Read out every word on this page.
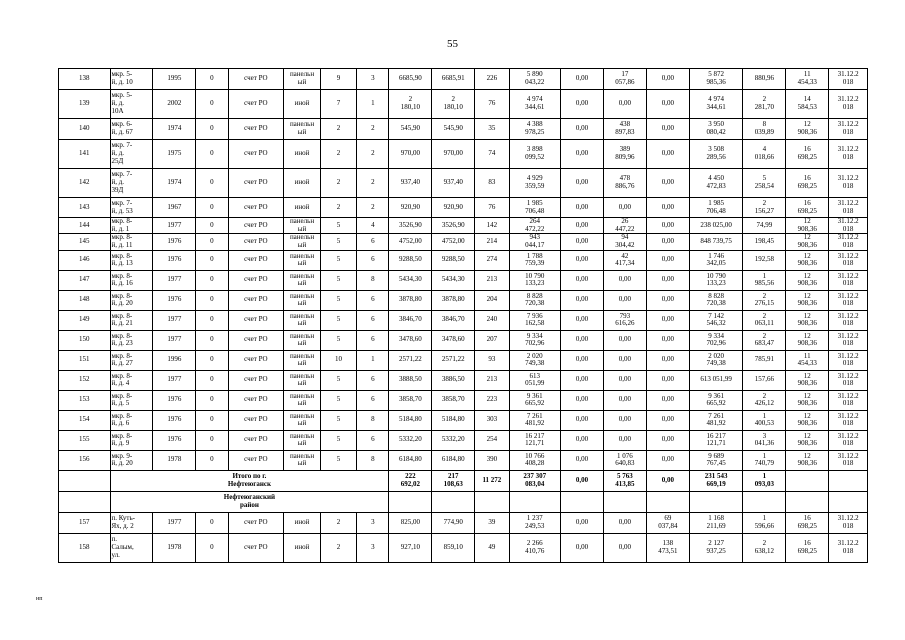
55
138	мкр. 5-
й, д. 10	1995	0	счет РО	панельн
ый	9	3	6685,90	6685,91	226	5 890
043,22	0,00	17
057,86	0,00	5 872
985,36	880,96	11
454,33	31.12.2
018

139	мкр. 5-
й, д.
10А	2002	0	счет РО	иной	7	1	2
180,10	2
180,10	76	4 974
344,61	0,00	0,00	0,00	4 974
344,61	2
281,70	14
584,53	31.12.2
018

140	мкр. 6-
й, д. 67	1974	0	счет РО	панельн
ый	2	2	545,90	545,90	35	4 388
978,25	0,00	438
897,83	0,00	3 950
080,42	8
039,89	12
908,36	31.12.2
018

141	мкр. 7-
й, д.
25Д	1975	0	счет РО	иной	2	2	970,00	970,00	74	3 898
099,52	0,00	389
809,96	0,00	3 508
289,56	4
018,66	16
698,25	31.12.2
018

142	мкр. 7-
й, д.
39Д	1974	0	счет РО	иной	2	2	937,40	937,40	83	4 929
359,59	0,00	478
886,76	0,00	4 450
472,83	5
258,54	16
698,25	31.12.2
018

143	мкр. 7-
й, д. 53	1967	0	счет РО	иной	2	2	920,90	920,90	76	1 985
706,48	0,00	0,00	0,00	1 985
706,48	2
156,27	16
698,25	31.12.2
018

144	мкр. 8-
й, д. 1	1977	0	счет РО	панельн
ый	5	4	3526,90	3526,90	142	264
472,22	0,00	26
447,22	0,00	238 025,00	74,99	12
908,36	31.12.2
018

145	мкр. 8-
й, д. 11	1976	0	счет РО	панельн
ый	5	6	4752,00	4752,00	214	943
044,17	0,00	94
304,42	0,00	848 739,75	198,45	12
908,36	31.12.2
018

146	мкр. 8-
й, д. 13	1976	0	счет РО	панельн
ый	5	6	9288,50	9288,50	274	1 788
759,39	0,00	42
417,34	0,00	1 746
342,05	192,58	12
908,36	31.12.2
018

147	мкр. 8-
й, д. 16	1977	0	счет РО	панельн
ый	5	8	5434,30	5434,30	213	10 790
133,23	0,00	0,00	0,00	10 790
133,23	1
985,56	12
908,36	31.12.2
018

148	мкр. 8-
й, д. 20	1976	0	счет РО	панельн
ый	5	6	3878,80	3878,80	204	8 828
720,38	0,00	0,00	0,00	8 828
720,38	2
276,15	12
908,36	31.12.2
018

149	мкр. 8-
й, д. 21	1977	0	счет РО	панельн
ый	5	6	3846,70	3846,70	240	7 936
162,58	0,00	793
616,26	0,00	7 142
546,32	2
063,11	12
908,36	31.12.2
018

150	мкр. 8-
й, д. 23	1977	0	счет РО	панельн
ый	5	6	3478,60	3478,60	207	9 334
702,96	0,00	0,00	0,00	9 334
702,96	2
683,47	12
908,36	31.12.2
018

151	мкр. 8-
й, д. 27	1996	0	счет РО	панельн
ый	10	1	2571,22	2571,22	93	2 020
749,38	0,00	0,00	0,00	2 020
749,38	785,91	11
454,33	31.12.2
018

152	мкр. 8-
й, д. 4	1977	0	счет РО	панельн
ый	5	6	3888,50	3886,50	213	613
051,99	0,00	0,00	0,00	613 051,99	157,66	12
908,36	31.12.2
018

153	мкр. 8-
й, д. 5	1976	0	счет РО	панельн
ый	5	6	3858,70	3858,70	223	9 361
665,92	0,00	0,00	0,00	9 361
665,92	2
426,12	12
908,36	31.12.2
018

154	мкр. 8-
й, д. 6	1976	0	счет РО	панельн
ый	5	8	5184,80	5184,80	303	7 261
481,92	0,00	0,00	0,00	7 261
481,92	1
400,53	12
908,36	31.12.2
018

155	мкр. 8-
й, д. 9	1976	0	счет РО	панельн
ый	5	6	5332,20	5332,20	254	16 217
121,71	0,00	0,00	0,00	16 217
121,71	3
041,36	12
908,36	31.12.2
018

156	мкр. 9-
й, д. 20	1978	0	счет РО	панельн
ый	5	8	6184,80	6184,80	390	10 766
408,28	0,00	1 076
640,83	0,00	9 689
767,45	1
740,79	12
908,36	31.12.2
018

	Итого по г.
Нефтеюганск							222
692,02	217
108,63	11 272	237 307
083,04	0,00	5 763
413,85	0,00	231 543
669,19	1
093,03		

	Нефтеюганский
район																	

157	п. Куть-
Ях, д. 2	1977	0	счет РО	иной	2	3	825,00	774,90	39	1 237
249,53	0,00	0,00	69
037,84	1 168
211,69	1
596,66	16
698,25	31.12.2
018

158	п.
Салым,
ул.	1978	0	счет РО	иной	2	3	927,10	859,10	49	2 266
410,76	0,00	0,00	138
473,51	2 127
937,25	2
638,12	16
698,25	31.12.2
018
нп
